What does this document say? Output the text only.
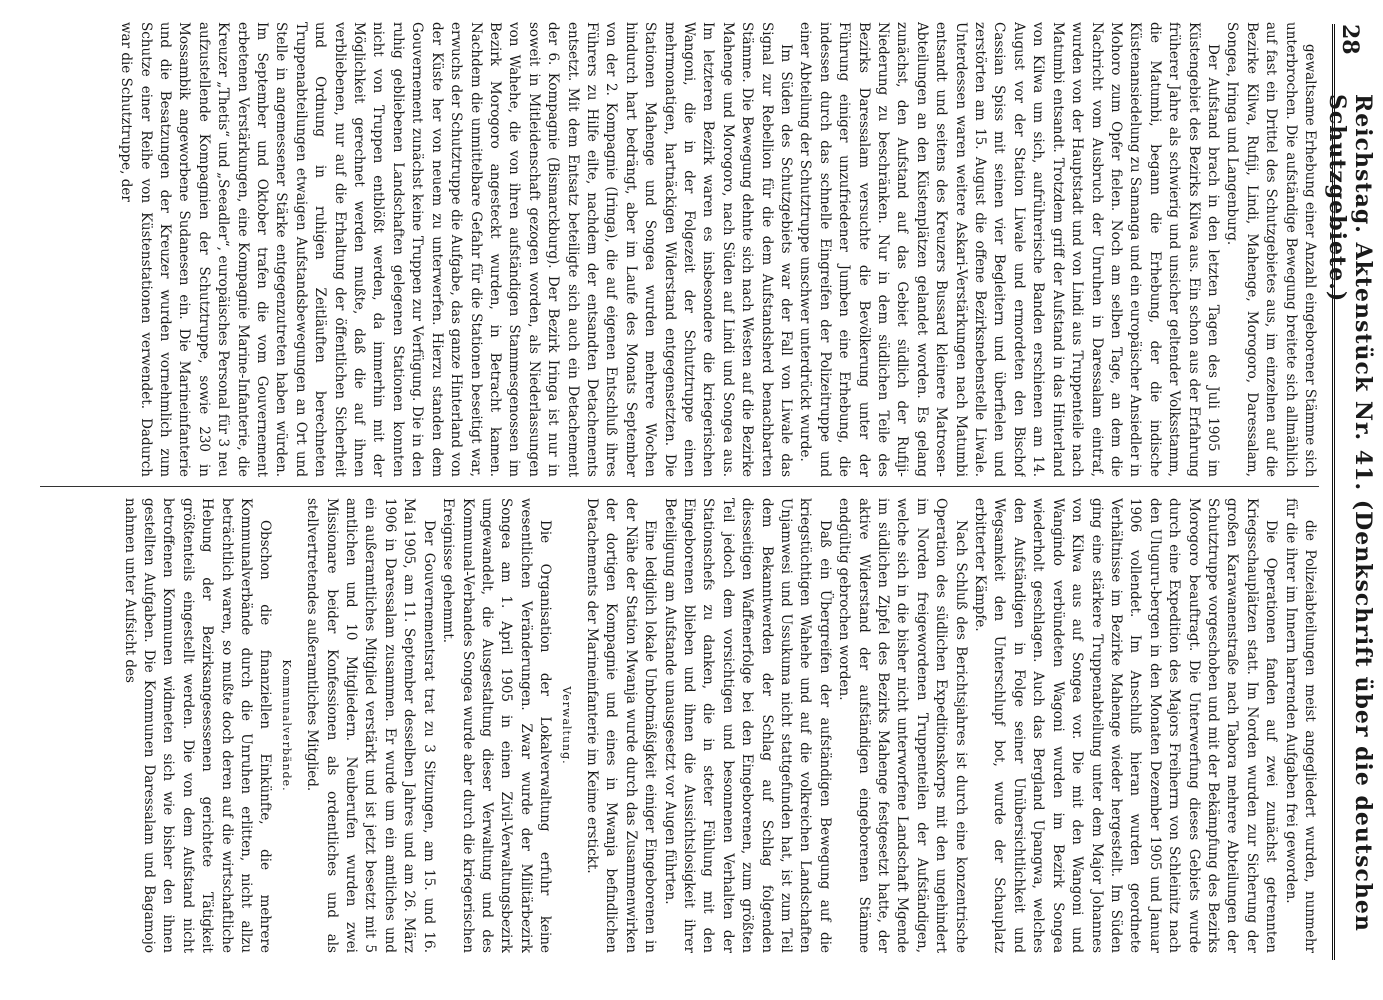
28
Reichstag. Aktenstück Nr. 41. (Denkschrift über die deutschen Schutzgebiete.)

gewaltsame Erhebung einer Anzahl eingeborener Stämme sich unterbrochen. Die aufständige Bewegung breitete sich allmählich auf fast ein Drittel des Schutzgebietes aus, im einzelnen auf die Bezirke Kilwa, Rufiji, Lindi, Mahenge, Morogoro, Daressalam, Songea, Iringa und Langenburg.

Der Aufstand brach in den letzten Tagen des Juli 1905 im Küstengebiet des Bezirks Kilwa aus. Ein schon aus der Erfahrung früherer Jahre als schwierig und unsicher geltender Volksstamm, die Matumbi, begann die Erhebung, der die indische Küstenansiedelung zu Samanga und ein europäischer Ansiedler in Mohoro zum Opfer fielen. Noch am selben Tage, an dem die Nachricht vom Ausbruch der Unruhen in Daressalam eintraf, wurden von der Hauptstadt und von Lindi aus Truppenteile nach Matumbi entsandt. Trotzdem griff der Aufstand in das Hinterland von Kilwa um sich, aufrührerische Banden erschienen am 14. August vor der Station Liwale und ermordeten den Bischof Cassian Spiss mit seinen vier Begleitern und überfielen und zerstörten am 15. August die offene Bezirksnebenstelle Liwale. Unterdessen waren weitere Askari-Verstärkungen nach Matumbi entsandt und seitens des Kreuzers Bussard kleinere Matrosen-Abteilungen an den Küstenplätzen gelandet worden. Es gelang zunächst, den Aufstand auf das Gebiet südlich der Rufiji-Niederung zu beschränken. Nur in dem südlichen Teile des Bezirks Daressalam versuchte die Bevölkerung unter der Führung einiger unzufriedener Jumben eine Erhebung, die indessen durch das schnelle Eingreifen der Polizeitruppe und einer Abteilung der Schutztruppe unschwer unterdrückt wurde.

Im Süden des Schutzgebiets war der Fall von Liwale das Signal zur Rebellion für die dem Aufstandsherd benachbarten Stämme. Die Bewegung dehnte sich nach Westen auf die Bezirke Mahenge und Morogoro, nach Süden auf Lindi und Songea aus. Im letzteren Bezirk waren es insbesondere die kriegerischen Wangoni, die in der Folgezeit der Schutztruppe einen mehrmonatigen, hartnäckigen Widerstand entgegensetzten. Die Stationen Mahenge und Songea wurden mehrere Wochen hindurch hart bedrängt, aber im Laufe des Monats September von der 2. Kompagnie (Iringa), die auf eigenen Entschluß ihres Führers zu Hilfe eilte, nachdem der entsandten Detachements entsetzt. Mit dem Entsatz beteiligte sich auch ein Detachement der 6. Kompagnie (Bismarckburg). Der Bezirk Iringa ist nur in soweit in Mitleidenschaft gezogen worden, als Niederlassungen von Wahehe, die von ihren aufständigen Stammesgenossen im Bezirk Morogoro angesteckt wurden, in Betracht kamen. Nachdem die unmittelbare Gefahr für die Stationen beseitigt war, erwuchs der Schutztruppe die Aufgabe, das ganze Hinterland von der Küste her von neuem zu unterwerfen. Hierzu standen dem Gouvernement zunächst keine Truppen zur Verfügung. Die in den ruhig gebliebenen Landschaften gelegenen Stationen konnten nicht von Truppen entblößt werden, da immerhin mit der Möglichkeit gerechnet werden mußte, daß die auf ihnen verbliebenen, nur auf die Erhaltung der öffentlichen Sicherheit und Ordnung in ruhigen Zeitläuften berechneten Truppenabteilungen etwaigen Aufstandsbewegungen an Ort und Stelle in angemessener Stärke entgegenzutreten haben würden. Im September und Oktober trafen die vom Gouvernement erbetenen Verstärkungen, eine Kompagnie Marine-Infanterie, die Kreuzer „Thetis“ und „Seeadler“, europäisches Personal für 3 neu aufzustellende Kompagnien der Schutztruppe, sowie 230 in Mossambik angeworbene Sudanesen ein. Die Marineinfanterie und die Besatzungen der Kreuzer wurden vornehmlich zum Schutze einer Reihe von Küstenstationen verwendet. Dadurch war die Schutztruppe, der

die Polizeiabteilungen meist angegliedert wurden, nunmehr für die ihrer im Innern harrenden Aufgaben frei geworden.

Die Operationen fanden auf zwei zunächst getrennten Kriegsschauplätzen statt. Im Norden wurden zur Sicherung der großen Karawanenstraße nach Tabora mehrere Abteilungen der Schutztruppe vorgeschoben und mit der Bekämpfung des Bezirks Morogoro beauftragt. Die Unterwerfung dieses Gebiets wurde durch eine Expedition des Majors Freiherrn von Schleinitz nach den Uluguru-bergen in den Monaten Dezember 1905 und Januar 1906 vollendet. Im Anschluß hieran wurden geordnete Verhältnisse im Bezirke Mahenge wieder hergestellt. Im Süden ging eine stärkere Truppenabteilung unter dem Major Johannes von Kilwa aus auf Songea vor. Die mit den Wangoni und Wangindo verbündeten Wagoni wurden im Bezirk Songea wiederholt geschlagen. Auch das Bergland Upangwa, welches den Aufständigen in Folge seiner Unübersichtlichkeit und Wegsamkeit den Unterschlupf bot, wurde der Schauplatz erbitterter Kämpfe.

Nach Schluß des Berichtsjahres ist durch eine konzentrische Operation des südlichen Expeditionskorps mit den ungehindert im Norden freigewordenen Truppenteilen der Aufständigen, welche sich in die bisher nicht unterworfene Landschaft Mgende im südlichen Zipfel des Bezirks Mahenge festgesetzt hatte, der aktive Widerstand der aufständigen eingeborenen Stämme endgültig gebrochen worden.

Daß ein Übergreifen der aufständigen Bewegung auf die kriegstüchtigen Wahehe und auf die volkreichen Landschaften Unjamwesi und Ussukuma nicht stattgefunden hat, ist zum Teil dem Bekanntwerden der Schlag auf Schlag folgenden diesseitigen Waffenerfolge bei den Eingeborenen, zum größten Teil jedoch dem vorsichtigen und besonnenen Verhalten der Stationschefs zu danken, die in steter Fühlung mit den Eingeborenen blieben und ihnen die Aussichtslosigkeit ihrer Beteiligung am Aufstande unausgesetzt vor Augen führten.

Eine lediglich lokale Unbotmäßigkeit einiger Eingeborenen in der Nähe der Station Mwanja wurde durch das Zusammenwirken der dortigen Kompagnie und eines in Mwanja befindlichen Detachements der Marineinfanterie im Keime erstickt.

Verwaltung.

Die Organisation der Lokalverwaltung erfuhr keine wesentlichen Veränderungen. Zwar wurde der Militärbezirk Songea am 1. April 1905 in einen Zivil-Verwaltungsbezirk umgewandelt, die Ausgestaltung dieser Verwaltung und des Kommunal-Verbandes Songea wurde aber durch die kriegerischen Ereignisse gehemmt.

Der Gouvernementsrat trat zu 3 Sitzungen, am 15. und 16. Mai 1905, am 11. September desselben Jahres und am 26. März 1906 in Daressalam zusammen. Er wurde um ein amtliches und ein außeramtliches Mitglied verstärkt und ist jetzt besetzt mit 5 amtlichen und 10 Mitgliedern. Neuberufen wurden zwei Missionare beider Konfessionen als ordentliches und als stellvertretendes außeramtliches Mitglied.

Kommunalverbände.

Obschon die finanziellen Einkünfte, die mehrere Kommunalverbände durch die Unruhen erlitten, nicht allzu beträchtlich waren, so mußte doch deren auf die wirtschaftliche Hebung der Bezirksangesessenen gerichtete Tätigkeit größtenteils eingestellt werden. Die von dem Aufstand nicht betroffenen Kommunen widmeten sich wie bisher den ihnen gestellten Aufgaben. Die Kommunen Daressalam und Bagamojo nahmen unter Aufsicht des
